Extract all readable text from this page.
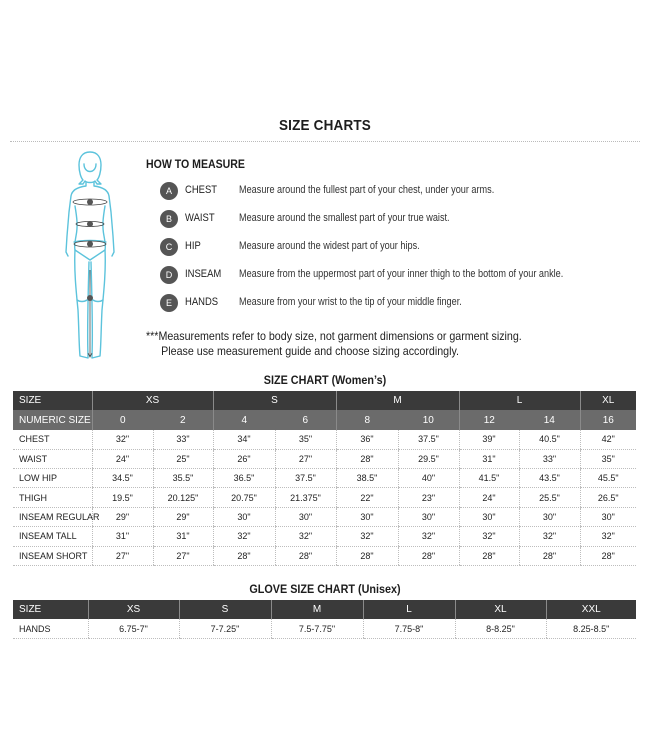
SIZE CHARTS
HOW TO MEASURE
A	CHEST Measure around the fullest part of your chest, under your arms.
B	WAIST Measure around the smallest part of your true waist.
C	HIP	Measure around the widest part of your hips.
D	INSEAM Measure from the uppermost part of your inner thigh to the bottom of your ankle.
E	HANDS Measure from your wrist to the tip of your middle finger.
***Measurements refer to body size, not garment dimensions or garment sizing.
Please use measurement guide and choose sizing accordingly.
SIZE CHART (Women’s)
SIZE	XS		S		M		L		XL
NUMERIC SIZE	0	2	4	6	8	10	12	14	16
CHEST	32"	33"	34"	35"	36"	37.5"	39"	40.5"	42"
WAIST	24"	25"	26"	27"	28"	29.5"	31"	33"	35"
LOW HIP	34.5"	35.5"	36.5"	37.5"	38.5"	40"	41.5"	43.5"	45.5"
THIGH	19.5"	20.125"	20.75"	21.375"	22"	23"	24"	25.5"	26.5"
INSEAM REGULAR	29"	29"	30"	30"	30"	30"	30"	30"	30"
INSEAM TALL	31"	31"	32"	32"	32"	32"	32"	32"	32"
INSEAM SHORT	27"	27"	28"	28"	28"	28"	28"	28"	28"
GLOVE SIZE CHART (Unisex)
SIZE	XS	S	M	L	XL	XXL
HANDS	6.75-7"	7-7.25"	7.5-7.75"	7.75-8"	8-8.25"	8.25-8.5"
